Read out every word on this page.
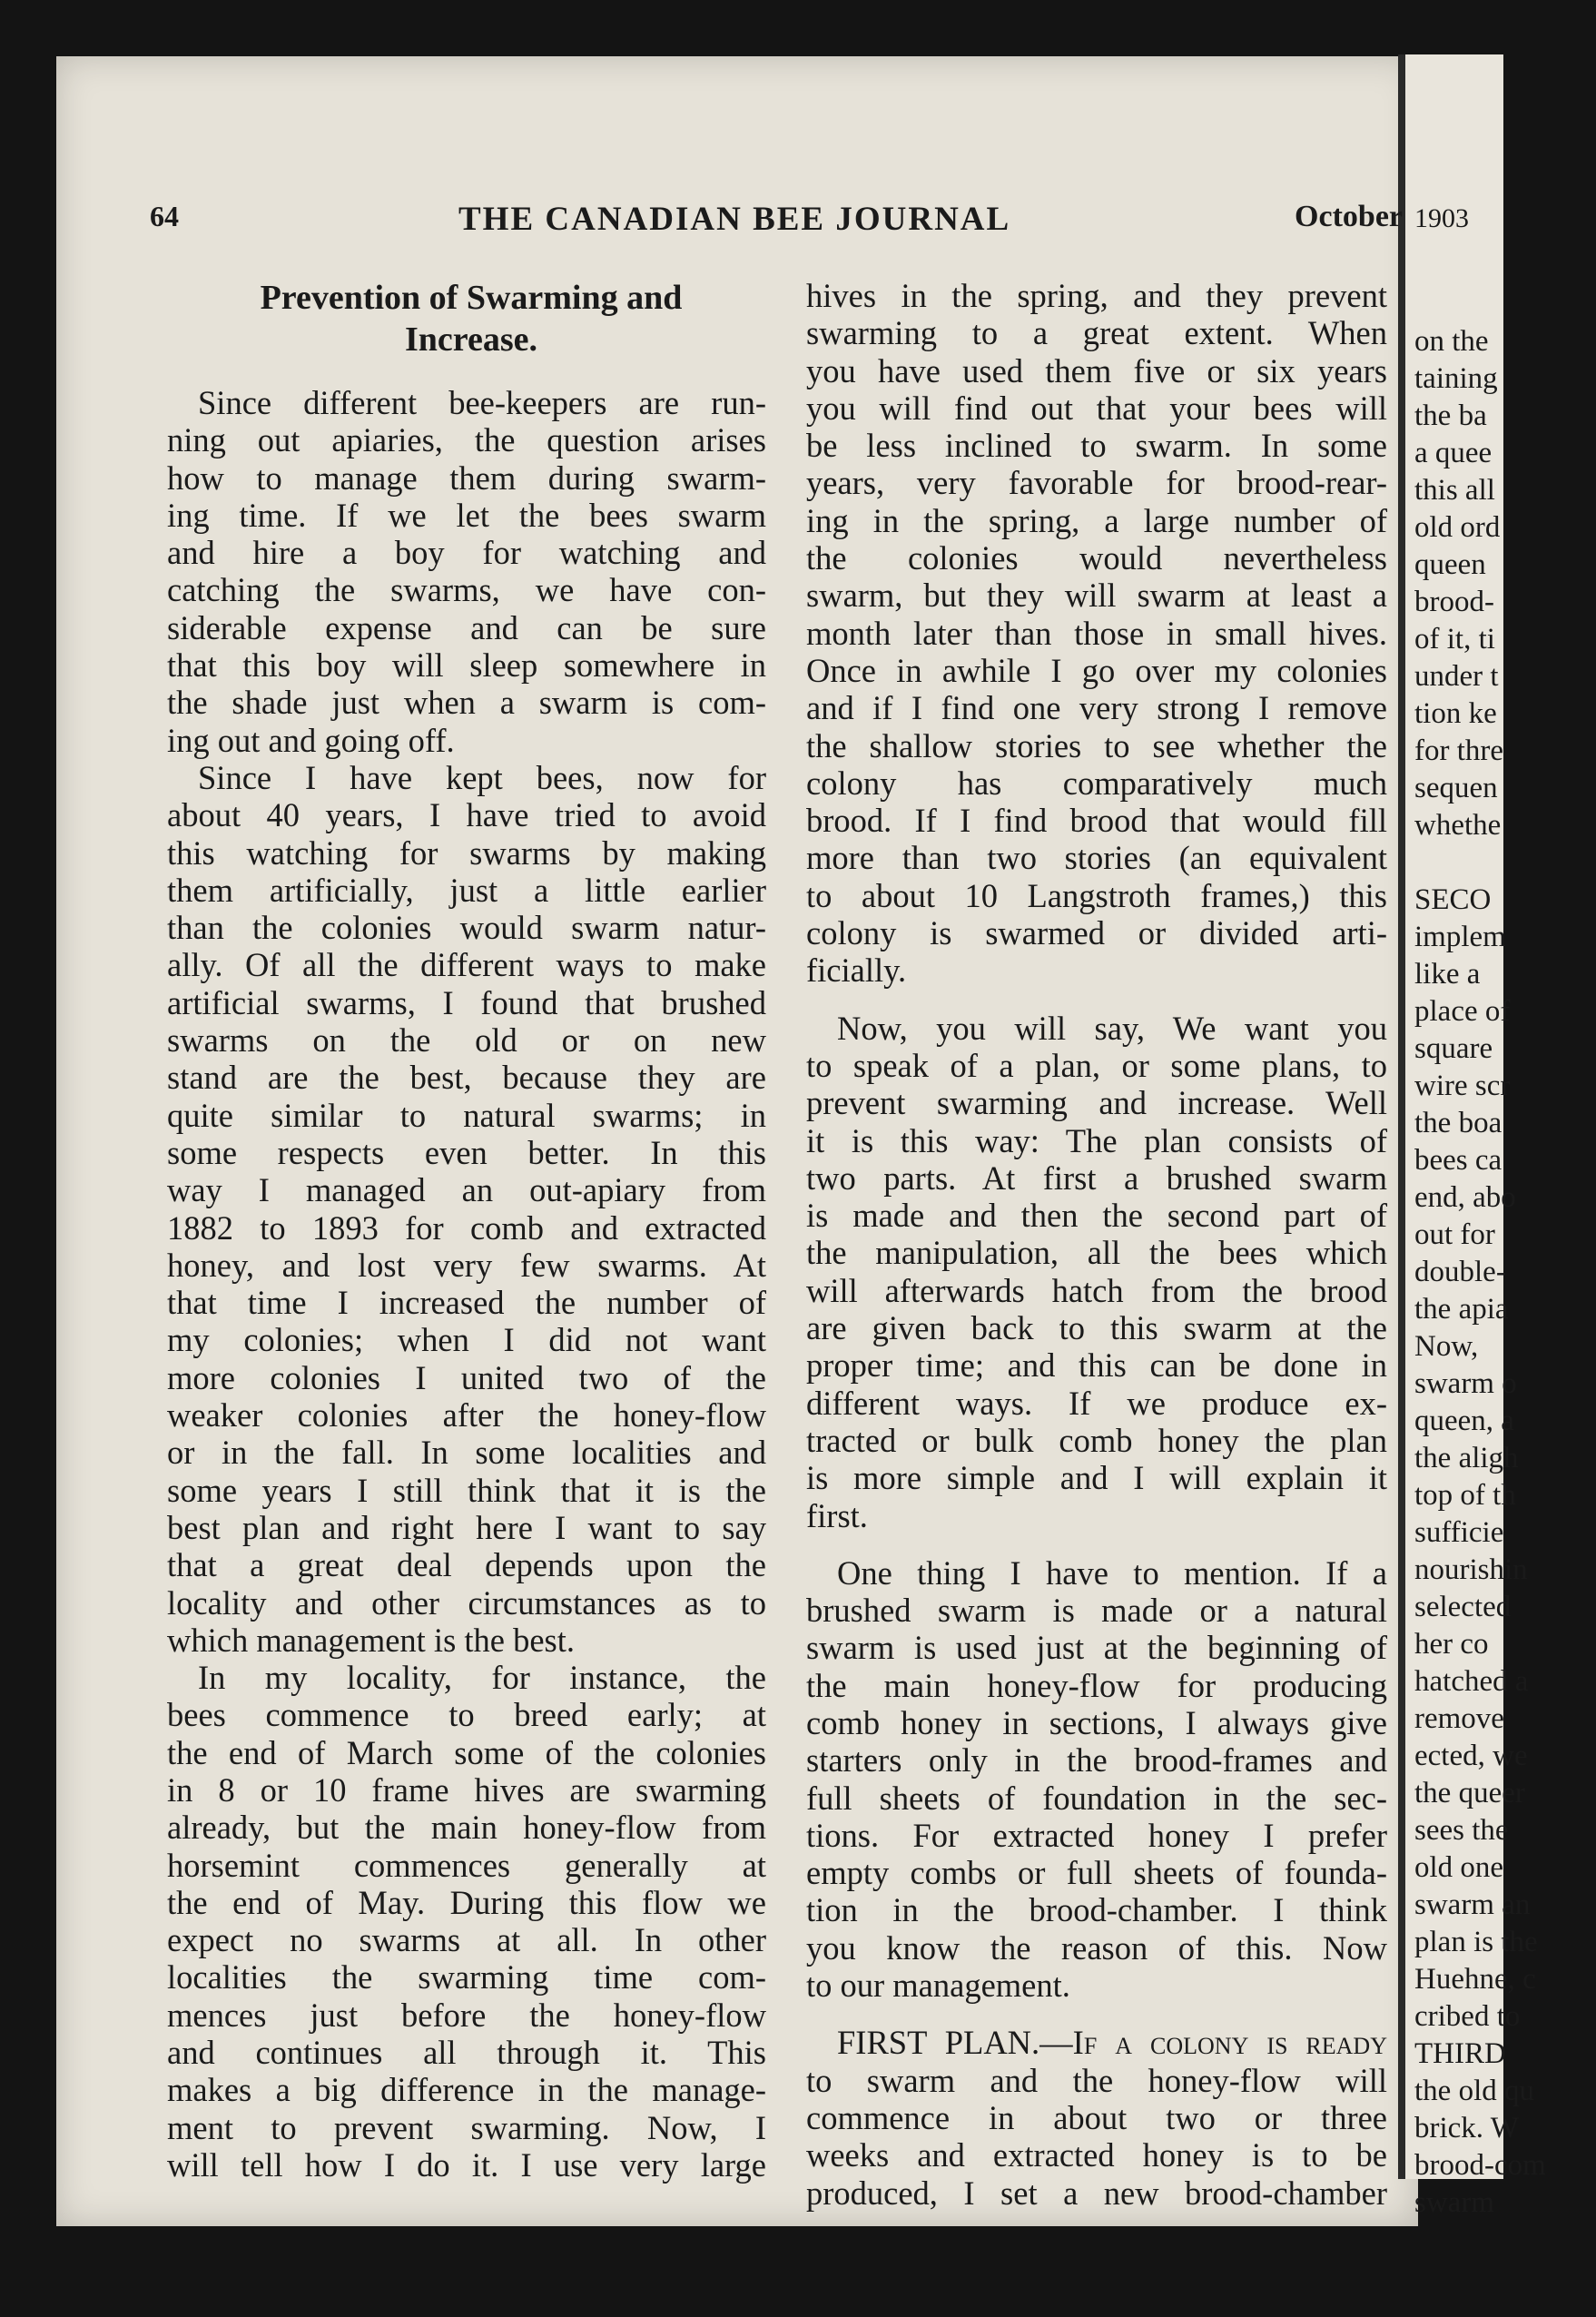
1903
on the
taining
the ba
a quee
this all
old ord
queen
brood-
of it, ti
under t
tion ke
for thre
sequen
whethe

SECO
implem
like a
place of
square
wire scr
the boa
bees ca
end, abo
out for
double-
the apia
Now,
swarm o
queen, a
the aligh
top of th
sufficie
nourishin
selected
her co
hatched a
remove
ected, we
the queer
sees the
old one
swarm an
plan is the
Huehne, c
cribed to
THIRD
the old qu
brick. W
brood-com
swarm
64	THE CANADIAN BEE JOURNAL	October
Prevention of Swarming and
Increase.
Since different bee-keepers are run-
ning out apiaries, the question arises
how to manage them during swarm-
ing time. If we let the bees swarm
and hire a boy for watching and
catching the swarms, we have con-
siderable expense and can be sure
that this boy will sleep somewhere in
the shade just when a swarm is com-
ing out and going off.
Since I have kept bees, now for
about 40 years, I have tried to avoid
this watching for swarms by making
them artificially, just a little earlier
than the colonies would swarm natur-
ally. Of all the different ways to make
artificial swarms, I found that brushed
swarms on the old or on new
stand are the best, because they are
quite similar to natural swarms; in
some respects even better. In this
way I managed an out-apiary from
1882 to 1893 for comb and extracted
honey, and lost very few swarms. At
that time I increased the number of
my colonies; when I did not want
more colonies I united two of the
weaker colonies after the honey-flow
or in the fall. In some localities and
some years I still think that it is the
best plan and right here I want to say
that a great deal depends upon the
locality and other circumstances as to
which management is the best.
In my locality, for instance, the
bees commence to breed early; at
the end of March some of the colonies
in 8 or 10 frame hives are swarming
already, but the main honey-flow from
horsemint commences generally at
the end of May. During this flow we
expect no swarms at all. In other
localities the swarming time com-
mences just before the honey-flow
and continues all through it. This
makes a big difference in the manage-
ment to prevent swarming. Now, I
will tell how I do it. I use very large
hives in the spring, and they prevent
swarming to a great extent. When
you have used them five or six years
you will find out that your bees will
be less inclined to swarm. In some
years, very favorable for brood-rear-
ing in the spring, a large number of
the colonies would nevertheless
swarm, but they will swarm at least a
month later than those in small hives.
Once in awhile I go over my colonies
and if I find one very strong I remove
the shallow stories to see whether the
colony has comparatively much
brood. If I find brood that would fill
more than two stories (an equivalent
to about 10 Langstroth frames,) this
colony is swarmed or divided arti-
ficially.
Now, you will say, We want you
to speak of a plan, or some plans, to
prevent swarming and increase. Well
it is this way: The plan consists of
two parts. At first a brushed swarm
is made and then the second part of
the manipulation, all the bees which
will afterwards hatch from the brood
are given back to this swarm at the
proper time; and this can be done in
different ways. If we produce ex-
tracted or bulk comb honey the plan
is more simple and I will explain it
first.
One thing I have to mention. If a
brushed swarm is made or a natural
swarm is used just at the beginning of
the main honey-flow for producing
comb honey in sections, I always give
starters only in the brood-frames and
full sheets of foundation in the sec-
tions. For extracted honey I prefer
empty combs or full sheets of founda-
tion in the brood-chamber. I think
you know the reason of this. Now
to our management.
FIRST PLAN.—If a colony is ready
to swarm and the honey-flow will
commence in about two or three
weeks and extracted honey is to be
produced, I set a new brood-chamber
